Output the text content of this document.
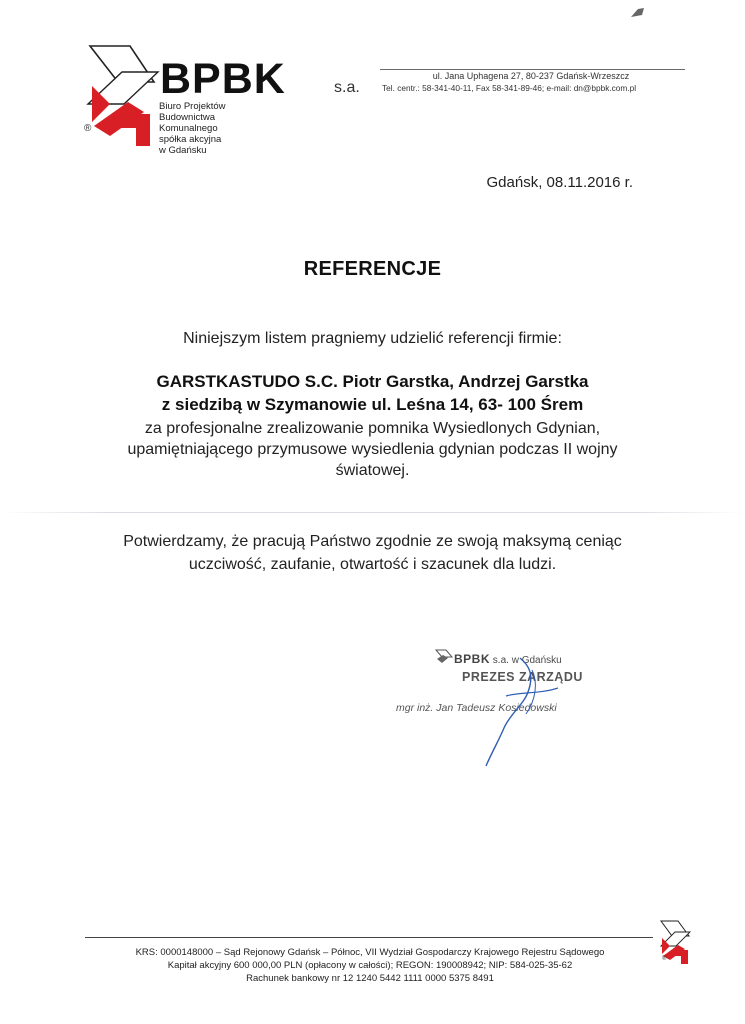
®
BPBK	s.a.
Biuro Projektów
Budownictwa
Komunalnego
spółka akcyjna
w Gdańsku
ul. Jana Uphagena 27, 80-237 Gdańsk-Wrzeszcz
Tel. centr.: 58-341-40-11, Fax 58-341-89-46; e-mail: dn@bpbk.com.pl
Gdańsk, 08.11.2016 r.
REFERENCJE
Niniejszym listem pragniemy udzielić referencji firmie:
GARSTKASTUDO S.C. Piotr Garstka, Andrzej Garstka
z siedzibą w Szymanowie ul. Leśna 14, 63- 100 Śrem
za profesjonalne zrealizowanie pomnika Wysiedlonych Gdynian,
upamiętniającego przymusowe wysiedlenia gdynian podczas II wojny
światowej.
Potwierdzamy, że pracują Państwo zgodnie ze swoją maksymą ceniąc
uczciwość, zaufanie, otwartość i szacunek dla ludzi.
BPBK s.a. w Gdańsku
PREZES ZARZĄDU
mgr inż. Jan Tadeusz Kosiedowski
KRS: 0000148000 – Sąd Rejonowy Gdańsk – Północ, VII Wydział Gospodarczy Krajowego Rejestru Sądowego
Kapitał akcyjny 600 000,00 PLN (opłacony w całości); REGON: 190008942; NIP: 584-025-35-62
Rachunek bankowy nr 12 1240 5442 1111 0000 5375 8491
®
